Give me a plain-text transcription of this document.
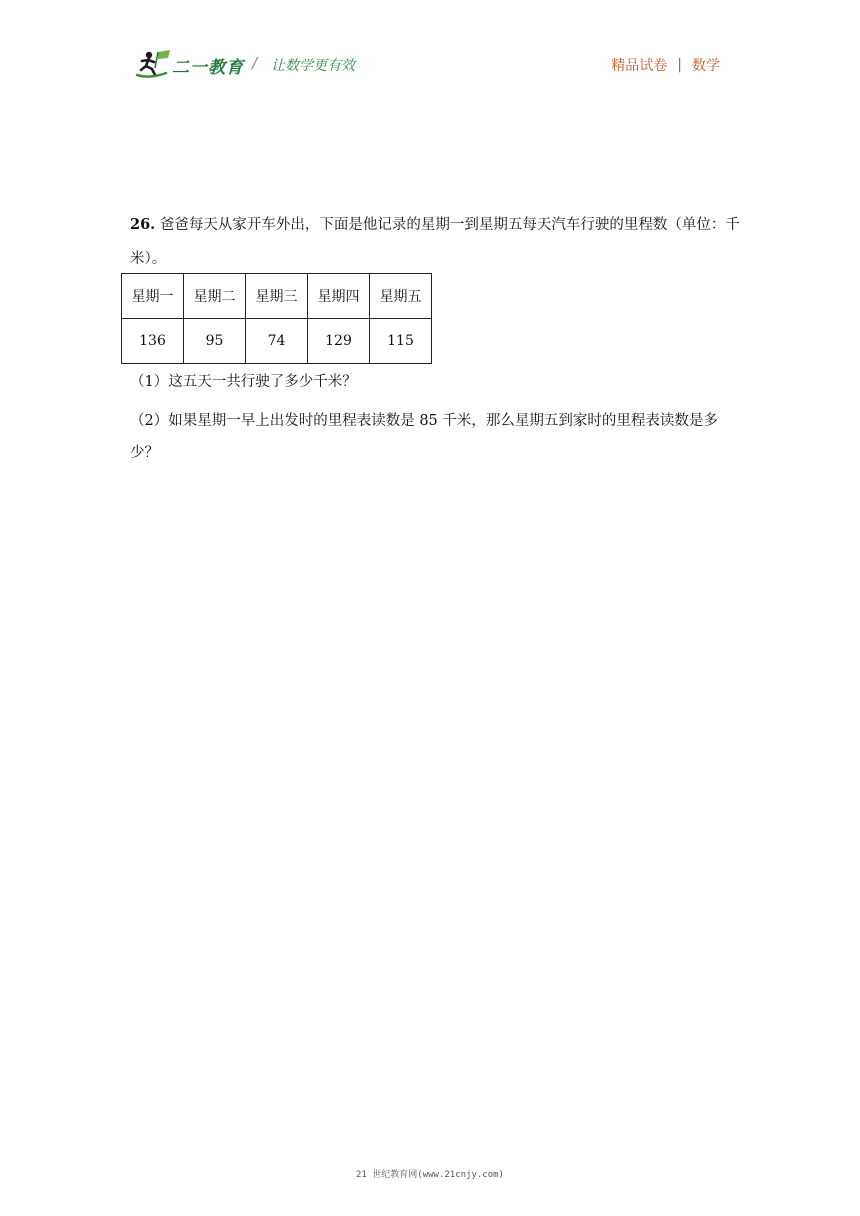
二一教育 / 让数学更有效	精品试卷 | 数学

26. 爸爸每天从家开车外出，下面是他记录的星期一到星期五每天汽车行驶的里程数（单位：千米）。

星期一	星期二	星期三	星期四	星期五
136	95	74	129	115

（1）这五天一共行驶了多少千米？

（2）如果星期一早上出发时的里程表读数是 85 千米，那么星期五到家时的里程表读数是多少？

21 世纪教育网(www.21cnjy.com)
